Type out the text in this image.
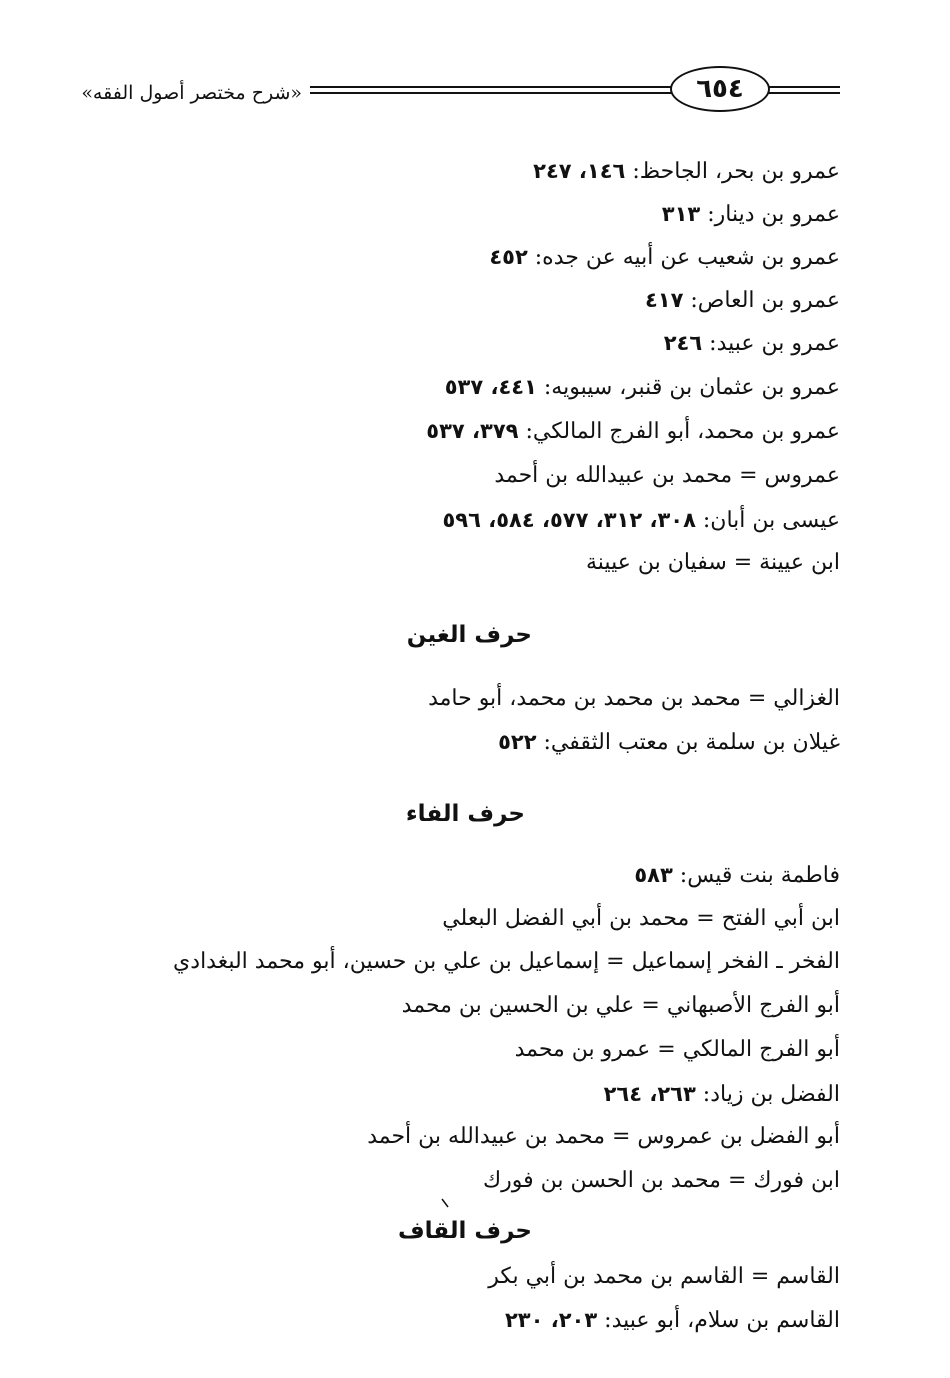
«شرح مختصر أصول الفقه»	٦٥٤
عمرو بن بحر، الجاحظ: ١٤٦، ٢٤٧
عمرو بن دينار: ٣١٣
عمرو بن شعيب عن أبيه عن جده: ٤٥٢
عمرو بن العاص: ٤١٧
عمرو بن عبيد: ٢٤٦
عمرو بن عثمان بن قنبر، سيبويه: ٤٤١، ٥٣٧
عمرو بن محمد، أبو الفرج المالكي: ٣٧٩، ٥٣٧
عمروس = محمد بن عبيدالله بن أحمد
عيسى بن أبان: ٣٠٨، ٣١٢، ٥٧٧، ٥٨٤، ٥٩٦
ابن عيينة = سفيان بن عيينة
حرف الغين
الغزالي = محمد بن محمد بن محمد، أبو حامد
غيلان بن سلمة بن معتب الثقفي: ٥٢٢
حرف الفاء
فاطمة بنت قيس: ٥٨٣
ابن أبي الفتح = محمد بن أبي الفضل البعلي
الفخر ـ الفخر إسماعيل = إسماعيل بن علي بن حسين، أبو محمد البغدادي
أبو الفرج الأصبهاني = علي بن الحسين بن محمد
أبو الفرج المالكي = عمرو بن محمد
الفضل بن زياد: ٢٦٣، ٢٦٤
أبو الفضل بن عمروس = محمد بن عبيدالله بن أحمد
ابن فورك = محمد بن الحسن بن فورك
حرف القاف
القاسم = القاسم بن محمد بن أبي بكر
القاسم بن سلام، أبو عبيد: ٢٠٣، ٢٣٠
